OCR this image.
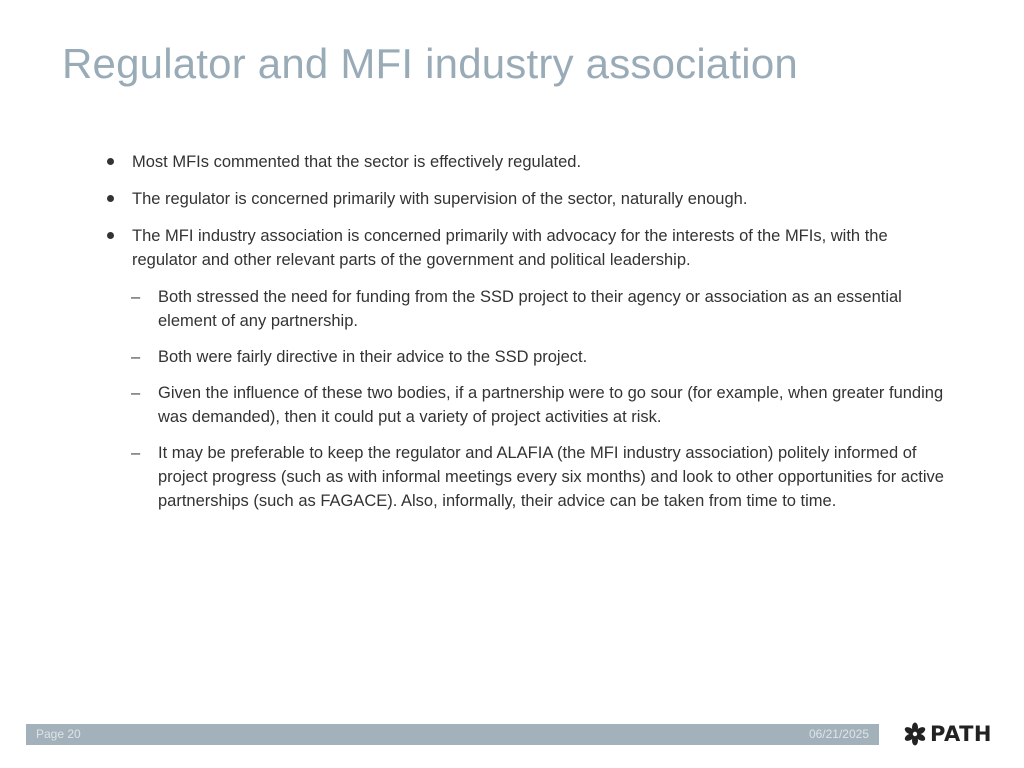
Regulator and MFI industry association
Most MFIs commented that the sector is effectively regulated.
The regulator is concerned primarily with supervision of the sector, naturally enough.
The MFI industry association is concerned primarily with advocacy for the interests of the MFIs, with the regulator and other relevant parts of the government and political leadership.
– Both stressed the need for funding from the SSD project to their agency or association as an essential element of any partnership.
– Both were fairly directive in their advice to the SSD project.
– Given the influence of these two bodies, if a partnership were to go sour (for example, when greater funding was demanded), then it could put a variety of project activities at risk.
– It may be preferable to keep the regulator and ALAFIA (the MFI industry association) politely informed of project progress (such as with informal meetings every six months) and look to other opportunities for active partnerships (such as FAGACE). Also, informally, their advice can be taken from time to time.
Page 20	06/21/2025	PATH
